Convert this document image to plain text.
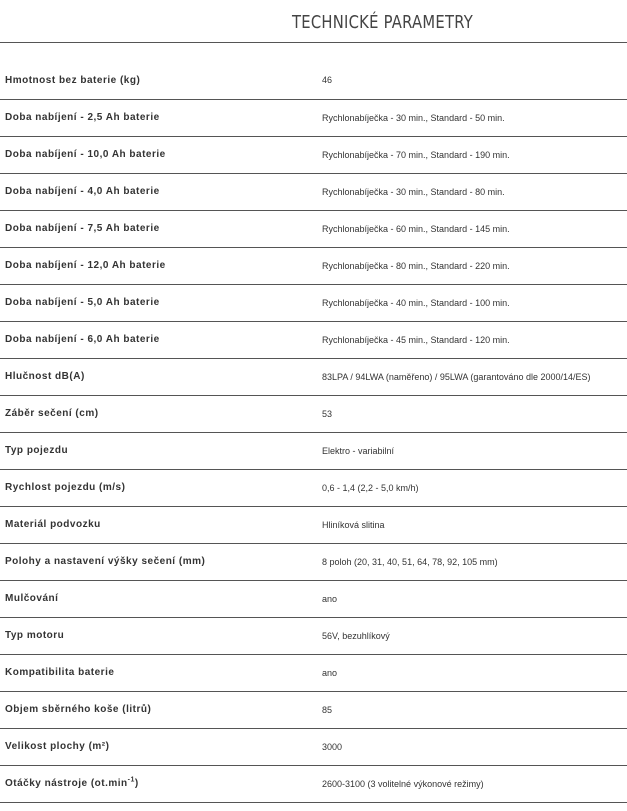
TECHNICKÉ PARAMETRY
Hmotnost bez baterie (kg)	46
Doba nabíjení - 2,5 Ah baterie	Rychlonabíječka - 30 min., Standard - 50 min.
Doba nabíjení - 10,0 Ah baterie	Rychlonabíječka - 70 min., Standard - 190 min.
Doba nabíjení - 4,0 Ah baterie	Rychlonabíječka - 30 min., Standard - 80 min.
Doba nabíjení - 7,5 Ah baterie	Rychlonabíječka - 60 min., Standard - 145 min.
Doba nabíjení - 12,0 Ah baterie	Rychlonabíječka - 80 min., Standard - 220 min.
Doba nabíjení - 5,0 Ah baterie	Rychlonabíječka - 40 min., Standard - 100 min.
Doba nabíjení - 6,0 Ah baterie	Rychlonabíječka - 45 min., Standard - 120 min.
Hlučnost dB(A)	83LPA / 94LWA (naměřeno) / 95LWA (garantováno dle 2000/14/ES)
Záběr sečení (cm)	53
Typ pojezdu	Elektro - variabilní
Rychlost pojezdu (m/s)	0,6 - 1,4 (2,2 - 5,0 km/h)
Materiál podvozku	Hliníková slitina
Polohy a nastavení výšky sečení (mm)	8 poloh (20, 31, 40, 51, 64, 78, 92, 105 mm)
Mulčování	ano
Typ motoru	56V, bezuhlíkový
Kompatibilita baterie	ano
Objem sběrného koše (litrů)	85
Velikost plochy (m²)	3000
Otáčky nástroje $(ot.\min^{-1})$	2600-3100 (3 volitelné výkonové režimy)
